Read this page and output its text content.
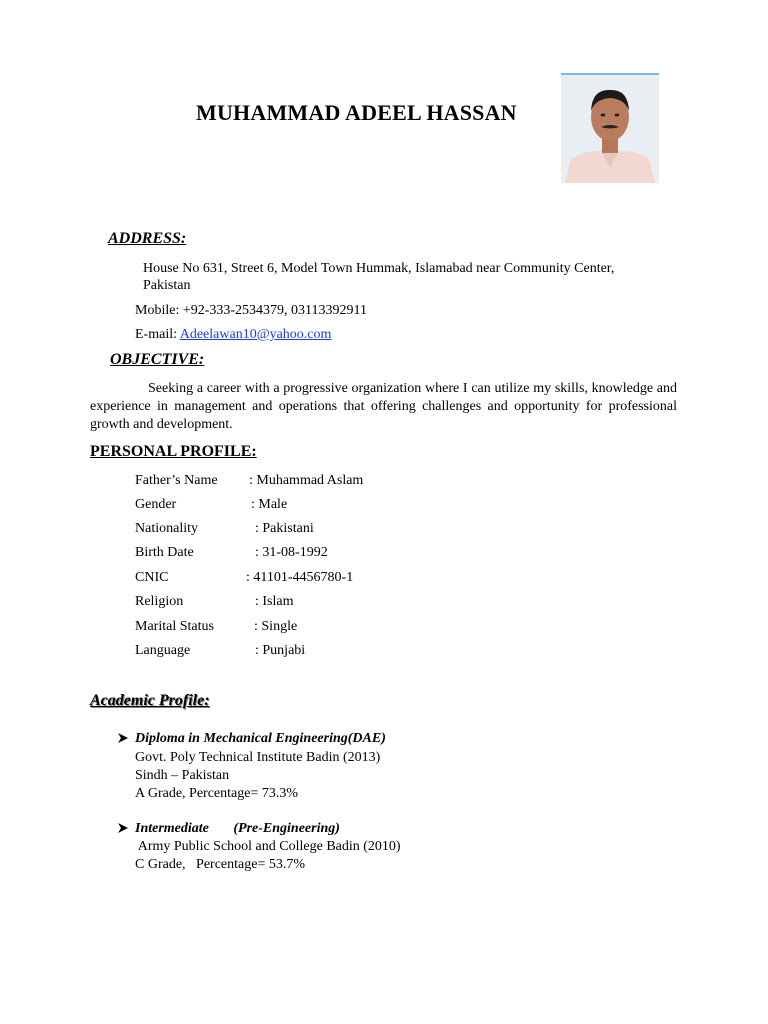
MUHAMMAD ADEEL HASSAN
ADDRESS:
House No 631, Street 6, Model Town Hummak, Islamabad near Community Center,
Pakistan
Mobile: +92-333-2534379, 03113392911
E-mail: Adeelawan10@yahoo.com
OBJECTIVE:

Seeking a career with a progressive organization where I can utilize my skills, knowledge and experience in management and operations that offering challenges and opportunity for professional growth and development.

PERSONAL PROFILE:
Father’s Name : Muhammad Aslam
Gender	: Male
Nationality	: Pakistani
Birth Date	: 31-08-1992
CNIC	: 41101-4456780-1
Religion	: Islam
Marital Status	: Single
Language	: Punjabi
Academic Profile:
Diploma in Mechanical Engineering(DAE)
Govt. Poly Technical Institute Badin (2013)
Sindh – Pakistan
A Grade, Percentage= 73.3%
Intermediate       (Pre-Engineering)
Army Public School and College Badin (2010)
C Grade,   Percentage= 53.7%
